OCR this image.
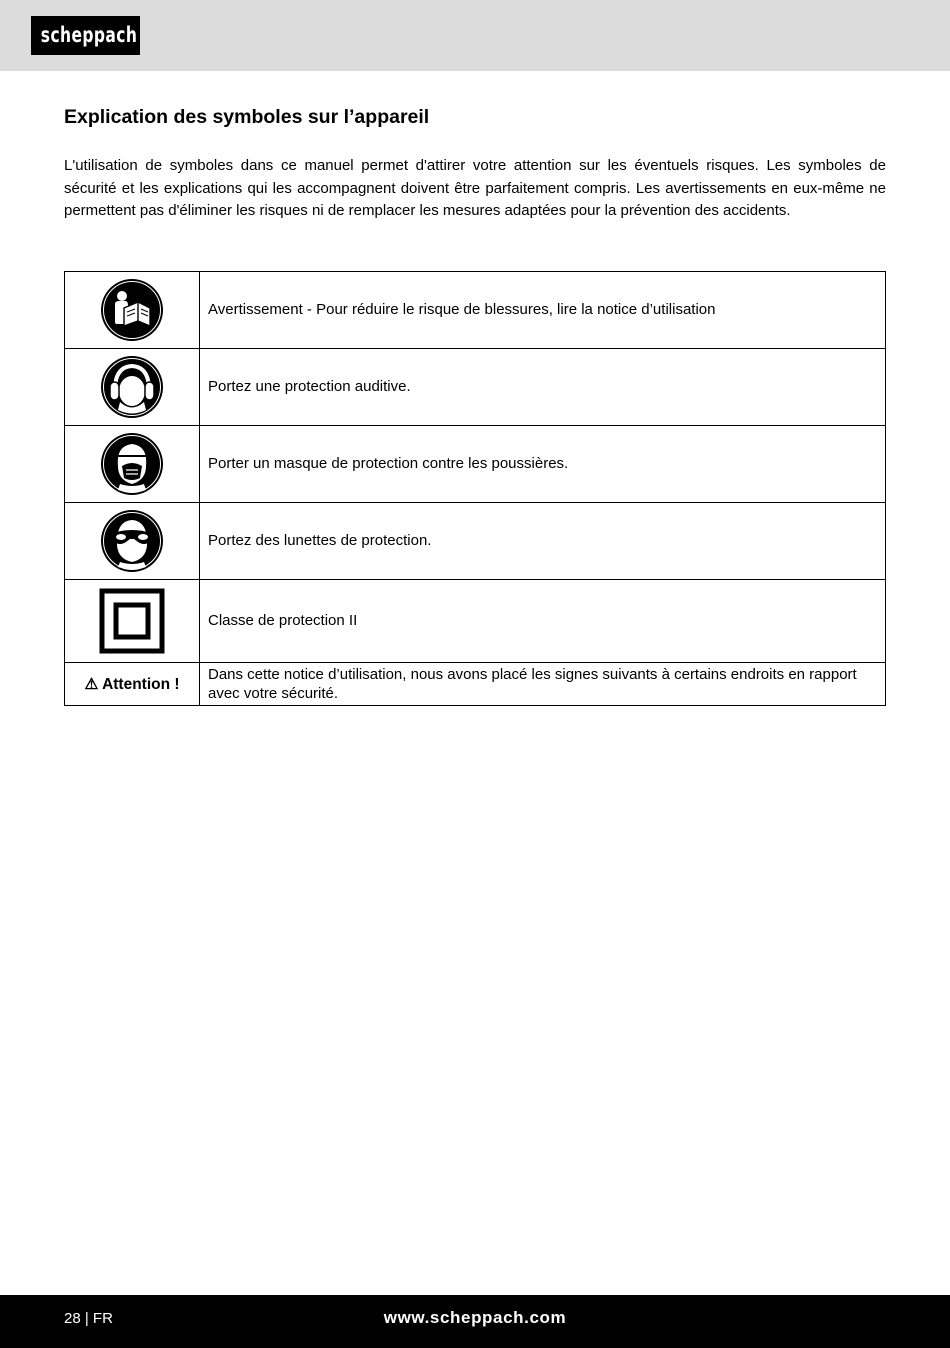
scheppach
Explication des symboles sur l’appareil

L'utilisation de symboles dans ce manuel permet d'attirer votre attention sur les éventuels risques. Les symboles de sécurité et les explications qui les accompagnent doivent être parfaitement compris. Les avertissements en eux-même ne permettent pas d'éliminer les risques ni de remplacer les mesures adaptées pour la prévention des accidents.

	Avertissement - Pour réduire le risque de blessures, lire la notice d’utilisation

	Portez une protection auditive.

	Porter un masque de protection contre les poussières.

	Portez des lunettes de protection.

	Classe de protection II
⚠ Attention !	Dans cette notice d’utilisation, nous avons placé les signes suivants à certains endroits en rapport avec votre sécurité.
28 | FR	www.scheppach.com
